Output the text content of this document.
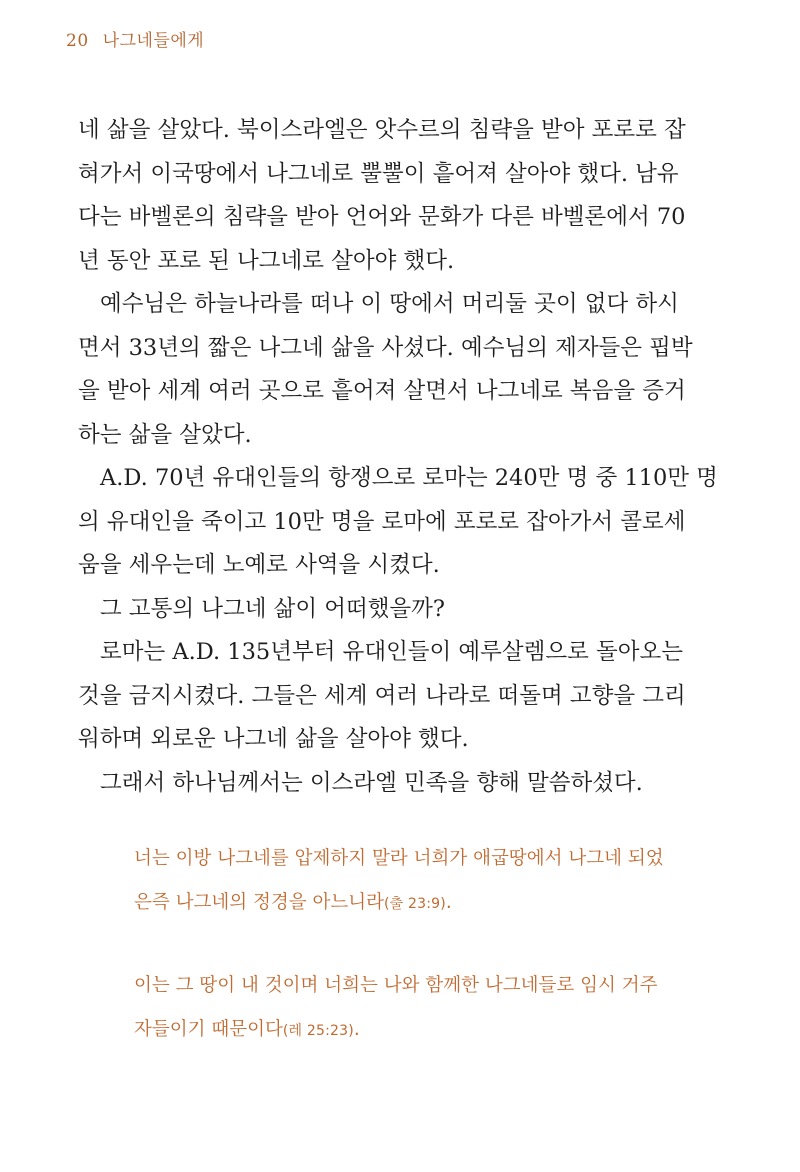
20 나그네들에게
네 삶을 살았다. 북이스라엘은 앗수르의 침략을 받아 포로로 잡
혀가서 이국땅에서 나그네로 뿔뿔이 흩어져 살아야 했다. 남유
다는 바벨론의 침략을 받아 언어와 문화가 다른 바벨론에서 70
년 동안 포로 된 나그네로 살아야 했다.
예수님은 하늘나라를 떠나 이 땅에서 머리둘 곳이 없다 하시
면서 33년의 짧은 나그네 삶을 사셨다. 예수님의 제자들은 핍박
을 받아 세계 여러 곳으로 흩어져 살면서 나그네로 복음을 증거
하는 삶을 살았다.
A.D. 70년 유대인들의 항쟁으로 로마는 240만 명 중 110만 명
의 유대인을 죽이고 10만 명을 로마에 포로로 잡아가서 콜로세
움을 세우는데 노예로 사역을 시켰다.
그 고통의 나그네 삶이 어떠했을까?
로마는 A.D. 135년부터 유대인들이 예루살렘으로 돌아오는
것을 금지시켰다. 그들은 세계 여러 나라로 떠돌며 고향을 그리
워하며 외로운 나그네 삶을 살아야 했다.
그래서 하나님께서는 이스라엘 민족을 향해 말씀하셨다.
너는 이방 나그네를 압제하지 말라 너희가 애굽땅에서 나그네 되었
은즉 나그네의 정경을 아느니라(출 23:9).
이는 그 땅이 내 것이며 너희는 나와 함께한 나그네들로 임시 거주
자들이기 때문이다(레 25:23).
